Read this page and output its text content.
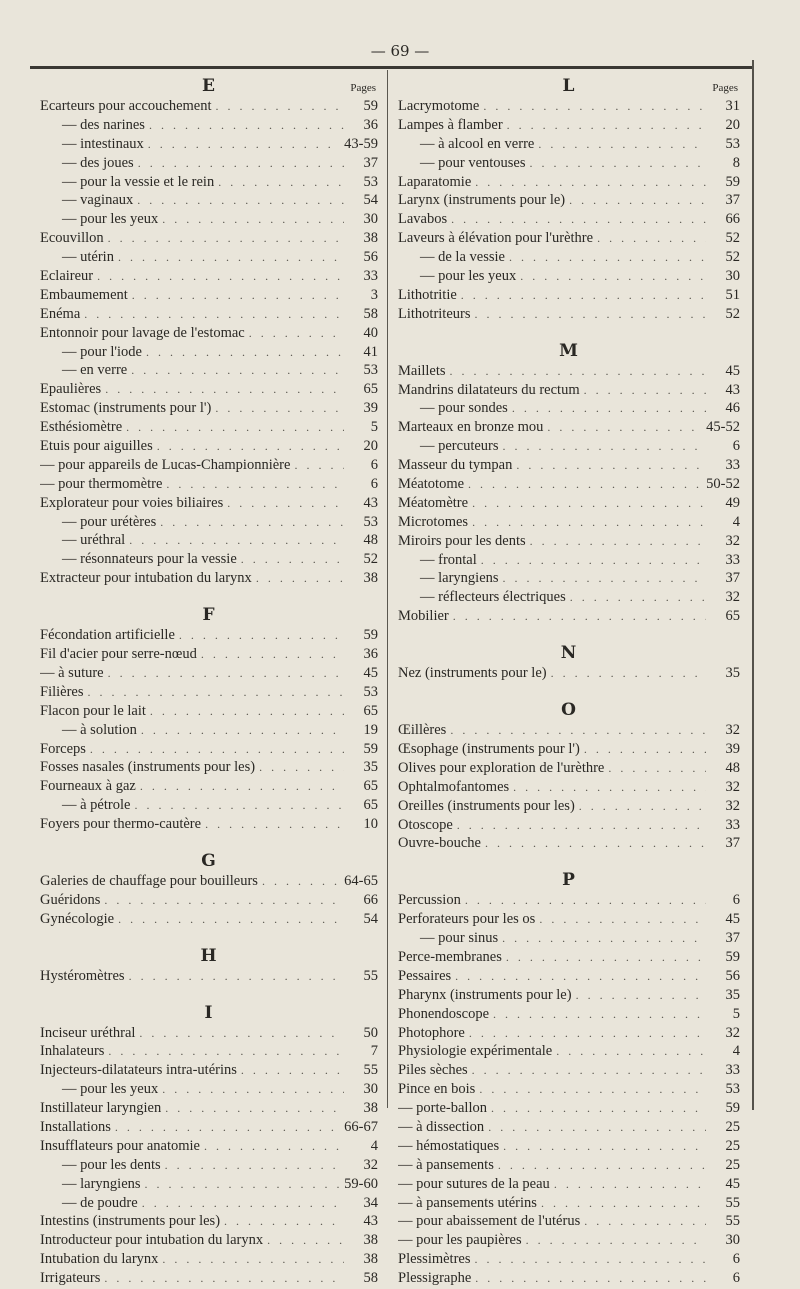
— 69 —
E	Pages
Ecarteurs pour accouchement . . .	59
— des narines . . .	36
— intestinaux . . .	43-59
— des joues . . .	37
— pour la vessie et le rein . . .	53
— vaginaux . . .	54
— pour les yeux . . .	30
Ecouvillon . . .	38
— utérin . . .	56
Eclaireur . . .	33
Embaumement . . .	3
Enéma . . .	58
Entonnoir pour lavage de l'estomac . . .	40
— pour l'iode . . .	41
— en verre . . .	53
Epaulières . . .	65
Estomac (instruments pour l') . . .	39
Esthésiomètre . . .	5
Etuis pour aiguilles . . .	20
— pour appareils de Lucas-Championnière . . .	6
— pour thermomètre . . .	6
Explorateur pour voies biliaires . . .	43
— pour urétères . . .	53
— uréthral . . .	48
— résonnateurs pour la vessie . . .	52
Extracteur pour intubation du larynx . . .	38
F
Fécondation artificielle . . .	59
Fil d'acier pour serre-nœud . . .	36
— à suture . . .	45
Filières . . .	53
Flacon pour le lait . . .	65
— à solution . . .	19
Forceps . . .	59
Fosses nasales (instruments pour les) . . .	35
Fourneaux à gaz . . .	65
— à pétrole . . .	65
Foyers pour thermo-cautère . . .	10
G
Galeries de chauffage pour bouilleurs . . .	64-65
Guéridons . . .	66
Gynécologie . . .	54
H
Hystéromètres . . .	55
I
Inciseur uréthral . . .	50
Inhalateurs . . .	7
Injecteurs-dilatateurs intra-utérins . . .	55
— pour les yeux . . .	30
Instillateur laryngien . . .	38
Installations . . .	66-67
Insufflateurs pour anatomie . . .	4
— pour les dents . . .	32
— laryngiens . . .	59-60
— de poudre . . .	34
Intestins (instruments pour les) . . .	43
Introducteur pour intubation du larynx . . .	38
Intubation du larynx . . .	38
Irrigateurs . . .	58
L	Pages
Lacrymotome . . .	31
Lampes à flamber . . .	20
— à alcool en verre . . .	53
— pour ventouses . . .	8
Laparatomie . . .	59
Larynx (instruments pour le) . . .	37
Lavabos . . .	66
Laveurs à élévation pour l'urèthre . . .	52
— de la vessie . . .	52
— pour les yeux . . .	30
Lithotritie . . .	51
Lithotriteurs . . .	52
M
Maillets . . .	45
Mandrins dilatateurs du rectum . . .	43
— pour sondes . . .	46
Marteaux en bronze mou . . .	45-52
— percuteurs . . .	6
Masseur du tympan . . .	33
Méatotome . . .	50-52
Méatomètre . . .	49
Microtomes . . .	4
Miroirs pour les dents . . .	32
— frontal . . .	33
— laryngiens . . .	37
— réflecteurs électriques . . .	32
Mobilier . . .	65
N
Nez (instruments pour le) . . .	35
O
Œillères . . .	32
Œsophage (instruments pour l') . . .	39
Olives pour exploration de l'urèthre . . .	48
Ophtalmofantomes . . .	32
Oreilles (instruments pour les) . . .	32
Otoscope . . .	33
Ouvre-bouche . . .	37
P
Percussion . . .	6
Perforateurs pour les os . . .	45
— pour sinus . . .	37
Perce-membranes . . .	59
Pessaires . . .	56
Pharynx (instruments pour le) . . .	35
Phonendoscope . . .	5
Photophore . . .	32
Physiologie expérimentale . . .	4
Piles sèches . . .	33
Pince en bois . . .	53
— porte-ballon . . .	59
— à dissection . . .	25
— hémostatiques . . .	25
— à pansements . . .	25
— pour sutures de la peau . . .	45
— à pansements utérins . . .	55
— pour abaissement de l'utérus . . .	55
— pour les paupières . . .	30
Plessimètres . . .	6
Plessigraphe . . .	6
